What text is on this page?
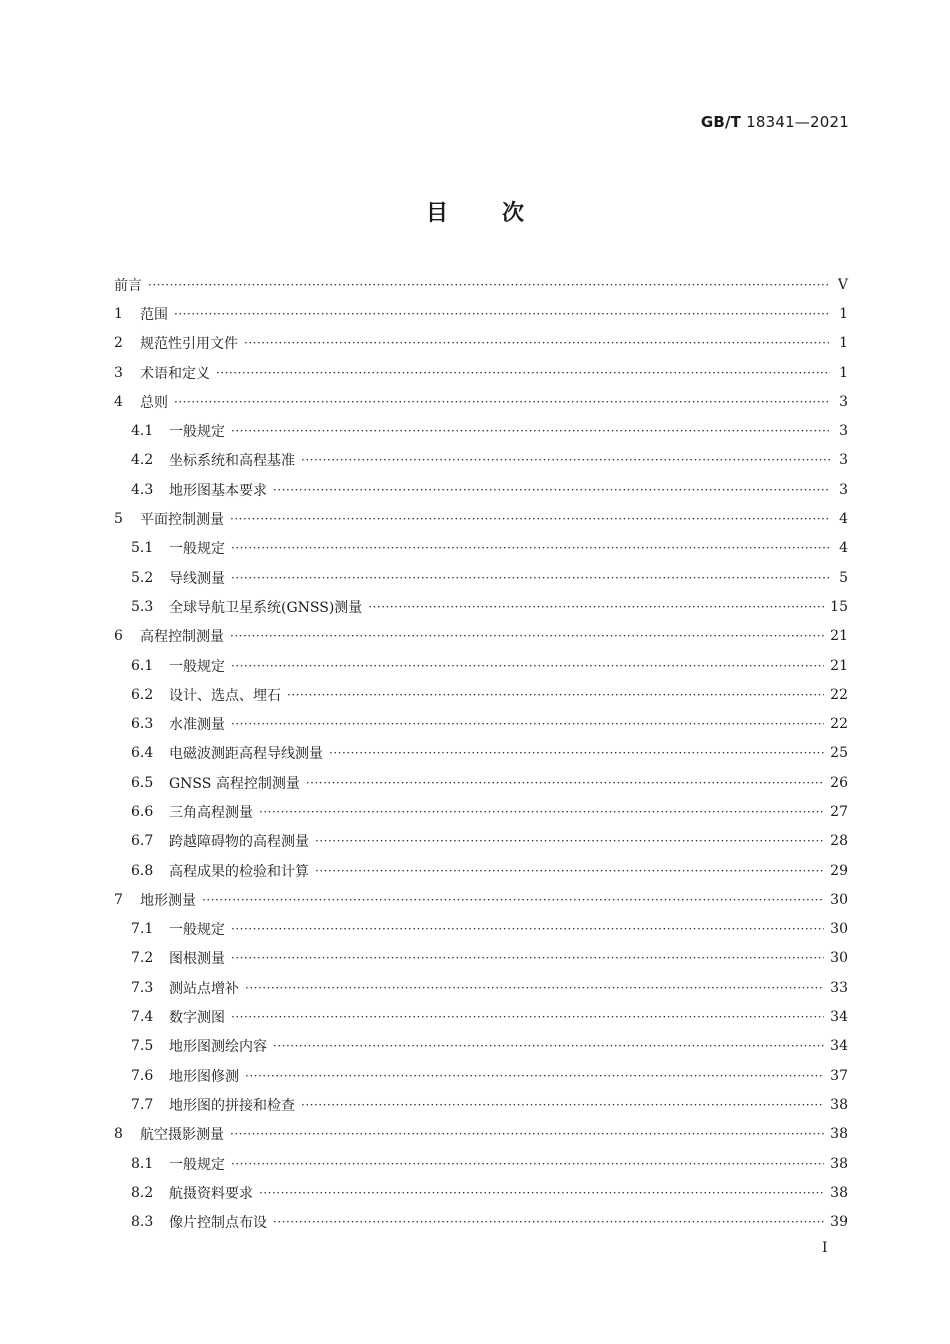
GB/T 18341—2021
目次
前言 ·····	Ⅴ
1	范围 ·····	1
2	规范性引用文件 ·····	1
3	术语和定义 ·····	1
4	总则 ·····	3
4.1	一般规定 ·····	3
4.2	坐标系统和高程基准 ·····	3
4.3	地形图基本要求 ·····	3
5	平面控制测量 ·····	4
5.1	一般规定 ·····	4
5.2	导线测量 ·····	5
5.3	全球导航卫星系统(GNSS)测量 ·····	15
6	高程控制测量 ·····	21
6.1	一般规定 ·····	21
6.2	设计、选点、埋石 ·····	22
6.3	水准测量 ·····	22
6.4	电磁波测距高程导线测量 ·····	25
6.5	GNSS 高程控制测量 ·····	26
6.6	三角高程测量 ·····	27
6.7	跨越障碍物的高程测量 ·····	28
6.8	高程成果的检验和计算 ·····	29
7	地形测量 ·····	30
7.1	一般规定 ·····	30
7.2	图根测量 ·····	30
7.3	测站点增补 ·····	33
7.4	数字测图 ·····	34
7.5	地形图测绘内容 ·····	34
7.6	地形图修测 ·····	37
7.7	地形图的拼接和检查 ·····	38
8	航空摄影测量 ·····	38
8.1	一般规定 ·····	38
8.2	航摄资料要求 ·····	38
8.3	像片控制点布设 ·····	39
Ⅰ
